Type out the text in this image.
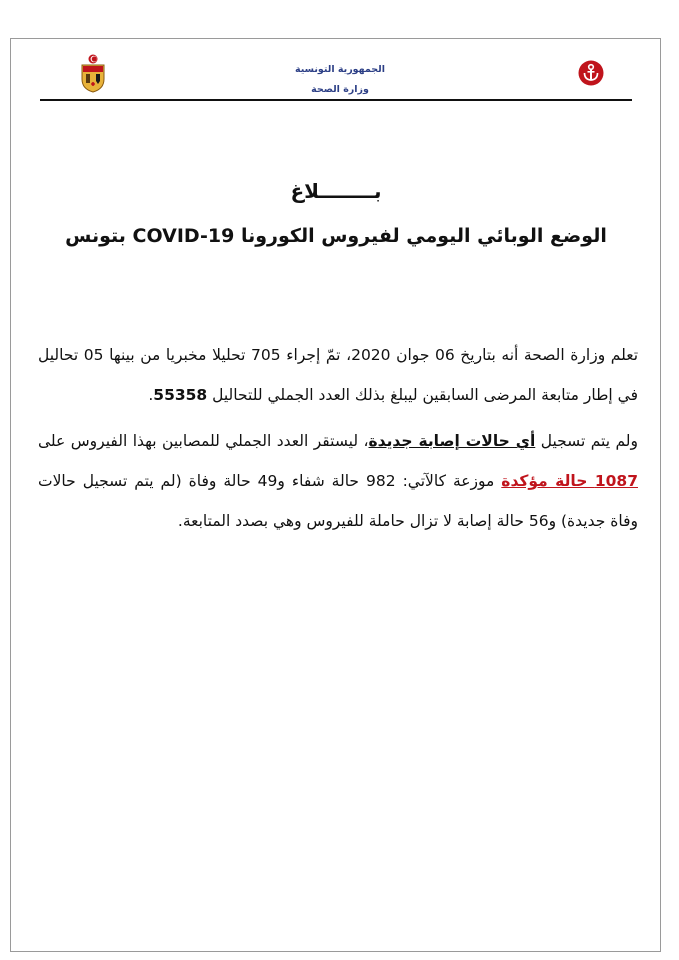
الجمهورية التونسية
وزارة الصحة
بــــــــلاغ
الوضع الوبائي اليومي لفيروس الكورونا COVID-19 بتونس

تعلم وزارة الصحة أنه بتاريخ 06 جوان 2020، تمّ إجراء 705 تحليلا مخبريا من بينها 05 تحاليل في إطار متابعة المرضى السابقين ليبلغ بذلك العدد الجملي للتحاليل 55358.

ولم يتم تسجيل أي حالات إصابة جديدة، ليستقر العدد الجملي للمصابين بهذا الفيروس على 1087 حالة مؤكدة موزعة كالآتي: 982 حالة شفاء و49 حالة وفاة (لم يتم تسجيل حالات وفاة جديدة) و56 حالة إصابة لا تزال حاملة للفيروس وهي بصدد المتابعة.
